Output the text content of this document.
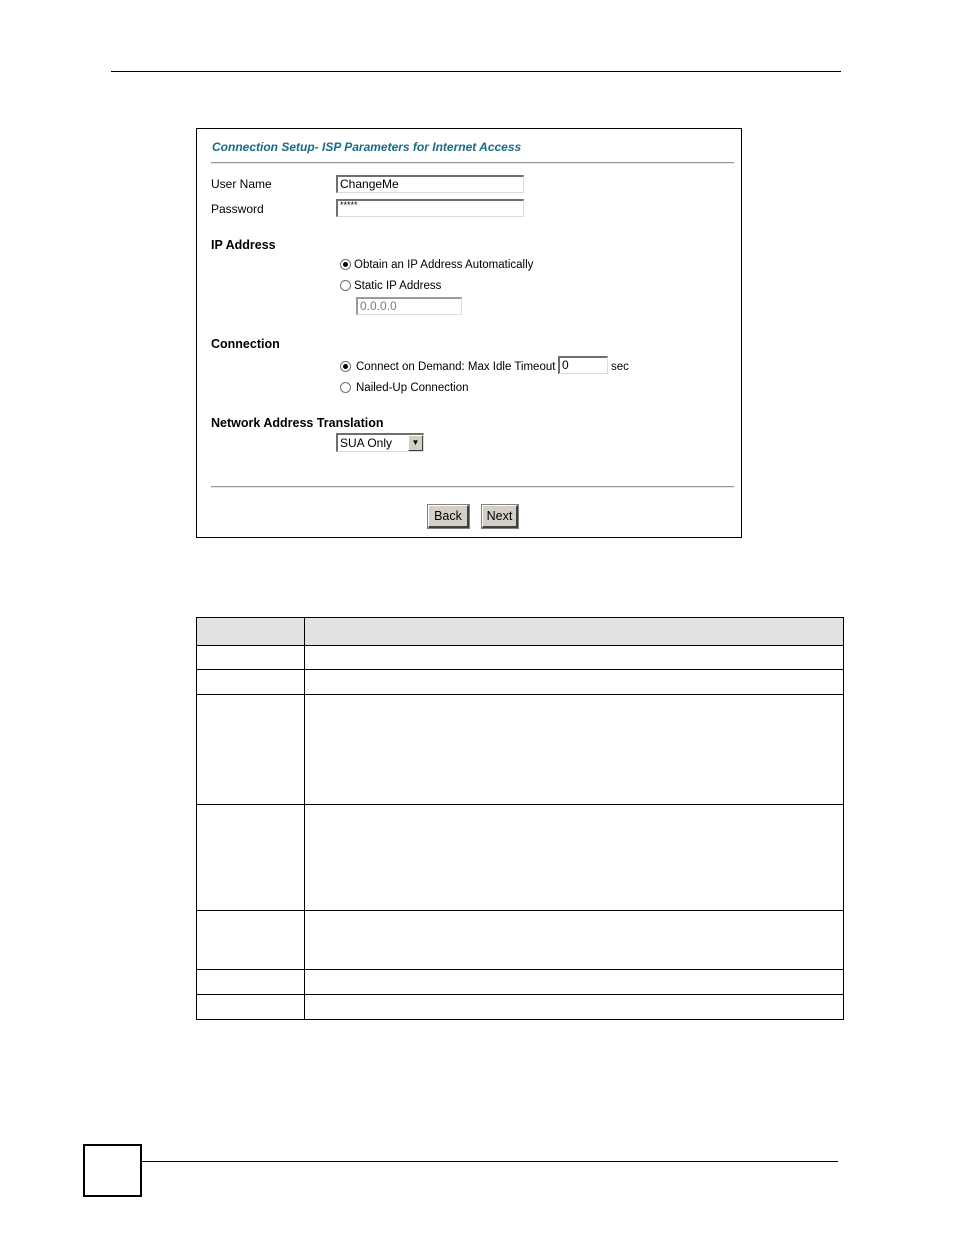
Connection Setup- ISP Parameters for Internet Access
User Name	ChangeMe
Password	*****
IP Address
Obtain an IP Address Automatically
Static IP Address
0.0.0.0
Connection
Connect on Demand: Max Idle Timeout 0	sec
Nailed-Up Connection
Network Address Translation
SUA Only	▼
Back	Next
